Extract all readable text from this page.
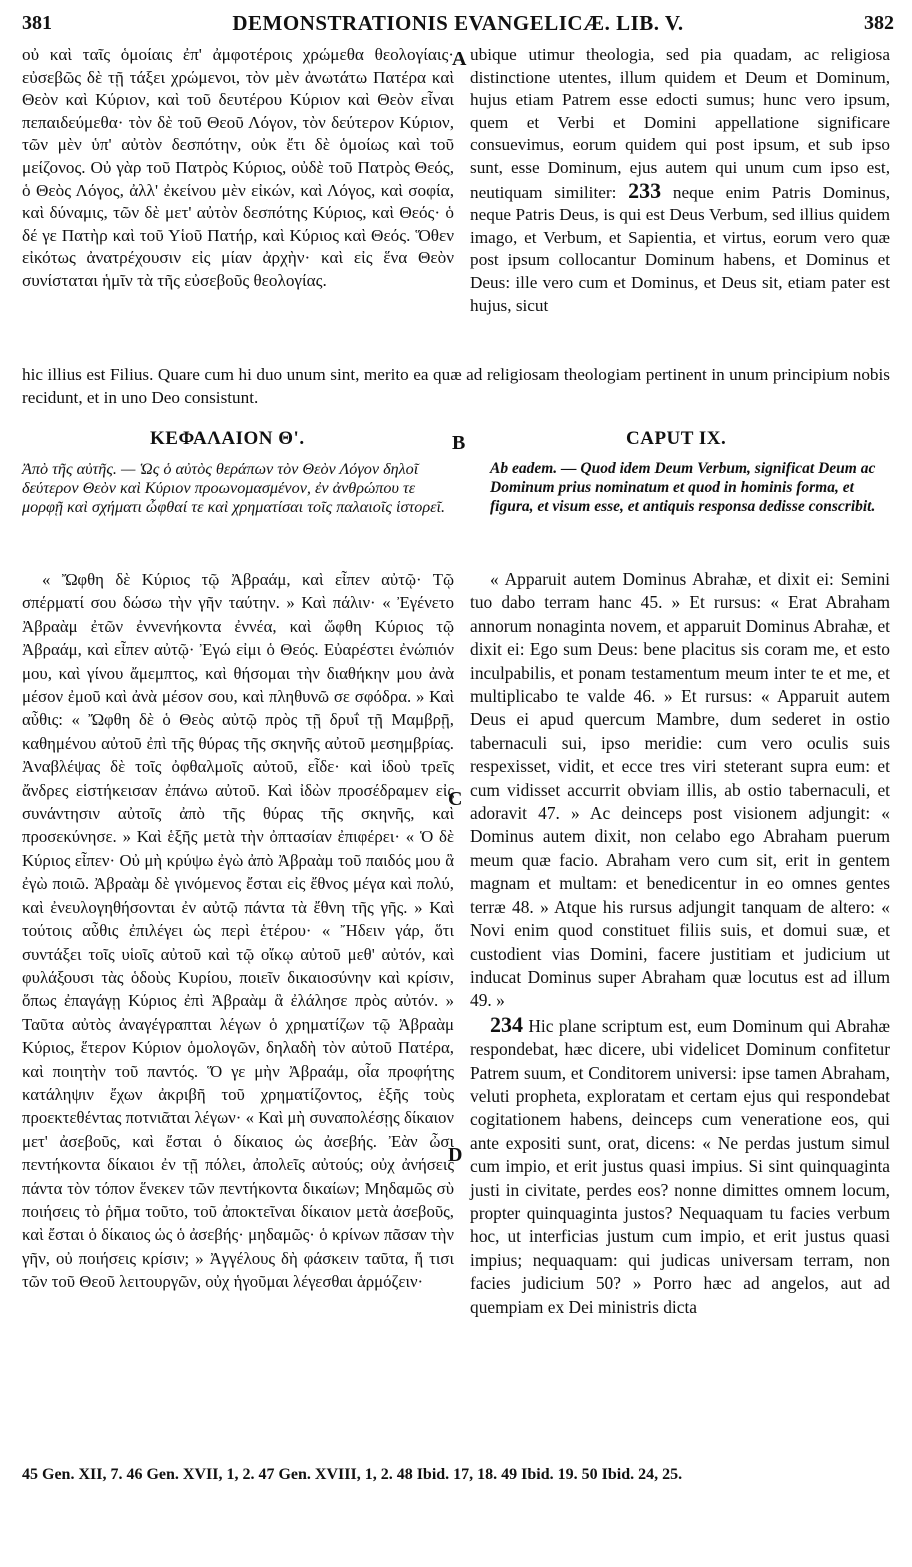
381	DEMONSTRATIONIS EVANGELICÆ. LIB. V.	382

οὐ καὶ ταῖς ὁμοίαις ἐπ' ἀμφοτέροις χρώμεθα θεολογίαις· εὐσεβῶς δὲ τῇ τάξει χρώμενοι, τὸν μὲν ἀνωτάτω Πατέρα καὶ Θεὸν καὶ Κύριον, καὶ τοῦ δευτέρου Κύριον καὶ Θεὸν εἶναι πεπαιδεύμεθα· τὸν δὲ τοῦ Θεοῦ Λόγον, τὸν δεύτερον Κύριον, τῶν μὲν ὑπ' αὐτὸν δεσπότην, οὐκ ἔτι δὲ ὁμοίως καὶ τοῦ μείζονος. Οὐ γὰρ τοῦ Πατρὸς Κύριος, οὐδὲ τοῦ Πατρὸς Θεός, ὁ Θεὸς Λόγος, ἀλλ' ἐκείνου μὲν εἰκών, καὶ Λόγος, καὶ σοφία, καὶ δύναμις, τῶν δὲ μετ' αὐτὸν δεσπότης Κύριος, καὶ Θεός· ὁ δέ γε Πατὴρ καὶ τοῦ Υἱοῦ Πατήρ, καὶ Κύριος καὶ Θεός. Ὅθεν εἰκότως ἀνατρέχουσιν εἰς μίαν ἀρχὴν· καὶ εἰς ἕνα Θεὸν συνίσταται ἡμῖν τὰ τῆς εὐσεβοῦς θεολογίας.

A ubique utimur theologia, sed pia quadam, ac religiosa distinctione utentes, illum quidem et Deum et Dominum, hujus etiam Patrem esse edocti sumus; hunc vero ipsum, quem et Verbi et Domini appellatione significare consuevimus, eorum quidem qui post ipsum, et sub ipso sunt, esse Dominum, ejus autem qui unum cum ipso est, neutiquam similiter: 233 neque enim Patris Dominus, neque Patris Deus, is qui est Deus Verbum, sed illius quidem imago, et Verbum, et Sapientia, et virtus, eorum vero quæ post ipsum collocantur Dominum habens, et Dominus et Deus: ille vero cum et Dominus, et Deus sit, etiam pater est hujus, sicut

hic illius est Filius. Quare cum hi duo unum sint, merito ea quæ ad religiosam theologiam pertinent in unum principium nobis recidunt, et in uno Deo consistunt.
ΚΕΦΑΛΑΙΟΝ Θ'.	B	CAPUT IX.
Ἀπὸ τῆς αὐτῆς. — Ὡς ὁ αὐτὸς θεράπων τὸν Θεὸν Λόγον δηλοῖ δεύτερον Θεὸν καὶ Κύριον προωνομασμένον, ἐν ἀνθρώπου τε μορφῇ καὶ σχήματι ὦφθαί τε καὶ χρηματίσαι τοῖς παλαιοῖς ἱστορεῖ.
Ab eadem. — Quod idem Deum Verbum, significat Deum ac Dominum prius nominatum et quod in hominis forma, et figura, et visum esse, et antiquis responsa dedisse conscribit.

« Ὤφθη δὲ Κύριος τῷ Ἀβραάμ, καὶ εἶπεν αὐτῷ· Τῷ σπέρματί σου δώσω τὴν γῆν ταύτην. » Καὶ πάλιν· « Ἐγένετο Ἀβραὰμ ἐτῶν ἐννενήκοντα ἐννέα, καὶ ὤφθη Κύριος τῷ Ἀβραάμ, καὶ εἶπεν αὐτῷ· Ἐγώ εἰμι ὁ Θεός. Εὐαρέστει ἐνώπιόν μου, καὶ γίνου ἄμεμπτος, καὶ θήσομαι τὴν διαθήκην μου ἀνὰ μέσον ἐμοῦ καὶ ἀνὰ μέσον σου, καὶ πληθυνῶ σε σφόδρα. » Καὶ αὖθις: « Ὤφθη δὲ ὁ Θεὸς αὐτῷ πρὸς τῇ δρυΐ τῇ Μαμβρῇ, καθημένου αὐτοῦ ἐπὶ τῆς θύρας τῆς σκηνῆς αὐτοῦ μεσημβρίας. Ἀναβλέψας δὲ τοῖς ὀφθαλμοῖς αὐτοῦ, εἶδε· καὶ ἰδοὺ τρεῖς ἄνδρες εἱστήκεισαν ἐπάνω αὐτοῦ. Καὶ ἰδὼν προσέδραμεν εἰς συνάντησιν αὐτοῖς ἀπὸ τῆς θύρας τῆς σκηνῆς, καὶ προσεκύνησε. » Καὶ ἑξῆς μετὰ τὴν ὀπτασίαν ἐπιφέρει· « Ὁ δὲ Κύριος εἶπεν· Οὐ μὴ κρύψω ἐγὼ ἀπὸ Ἀβραὰμ τοῦ παιδός μου ἃ ἐγὼ ποιῶ. Ἀβραὰμ δὲ γινόμενος ἔσται εἰς ἔθνος μέγα καὶ πολύ, καὶ ἐνευλογηθήσονται ἐν αὐτῷ πάντα τὰ ἔθνη τῆς γῆς. » Καὶ τούτοις αὖθις ἐπιλέγει ὡς περὶ ἑτέρου· « Ἤδειν γάρ, ὅτι συντάξει τοῖς υἱοῖς αὐτοῦ καὶ τῷ οἴκῳ αὐτοῦ μεθ' αὐτόν, καὶ φυλάξουσι τὰς ὁδοὺς Κυρίου, ποιεῖν δικαιοσύνην καὶ κρίσιν, ὅπως ἐπαγάγῃ Κύριος ἐπὶ Ἀβραὰμ ἃ ἐλάλησε πρὸς αὐτόν. » Ταῦτα αὐτὸς ἀναγέγραπται λέγων ὁ χρηματίζων τῷ Ἀβραὰμ Κύριος, ἕτερον Κύριον ὁμολογῶν, δηλαδὴ τὸν αὐτοῦ Πατέρα, καὶ ποιητὴν τοῦ παντός. Ὅ γε μὴν Ἀβραάμ, οἷα προφήτης κατάληψιν ἔχων ἀκριβῆ τοῦ χρηματίζοντος, ἑξῆς τοὺς προεκτεθέντας ποτνιᾶται λέγων· « Καὶ μὴ συναπολέσῃς δίκαιον μετ' ἀσεβοῦς, καὶ ἔσται ὁ δίκαιος ὡς ἀσεβής. Ἐὰν ὦσι πεντήκοντα δίκαιοι ἐν τῇ πόλει, ἀπολεῖς αὐτούς; οὐχ ἀνήσεις πάντα τὸν τόπον ἕνεκεν τῶν πεντήκοντα δικαίων; Μηδαμῶς σὺ ποιήσεις τὸ ῥῆμα τοῦτο, τοῦ ἀποκτεῖναι δίκαιον μετὰ ἀσεβοῦς, καὶ ἔσται ὁ δίκαιος ὡς ὁ ἀσεβής· μηδαμῶς· ὁ κρίνων πᾶσαν τὴν γῆν, οὐ ποιήσεις κρίσιν; » Ἀγγέλους δὴ φάσκειν ταῦτα, ἤ τισι τῶν τοῦ Θεοῦ λειτουργῶν, οὐχ ἡγοῦμαι λέγεσθαι ἁρμόζειν·

C
D

« Apparuit autem Dominus Abrahæ, et dixit ei: Semini tuo dabo terram hanc 45. » Et rursus: « Erat Abraham annorum nonaginta novem, et apparuit Dominus Abrahæ, et dixit ei: Ego sum Deus: bene placitus sis coram me, et esto inculpabilis, et ponam testamentum meum inter te et me, et multiplicabo te valde 46. » Et rursus: « Apparuit autem Deus ei apud quercum Mambre, dum sederet in ostio tabernaculi sui, ipso meridie: cum vero oculis suis respexisset, vidit, et ecce tres viri steterant supra eum: et cum vidisset accurrit obviam illis, ab ostio tabernaculi, et adoravit 47. » Ac deinceps post visionem adjungit: « Dominus autem dixit, non celabo ego Abraham puerum meum quæ facio. Abraham vero cum sit, erit in gentem magnam et multam: et benedicentur in eo omnes gentes terræ 48. » Atque his rursus adjungit tanquam de altero: « Novi enim quod constituet filiis suis, et domui suæ, et custodient vias Domini, facere justitiam et judicium ut inducat Dominus super Abraham quæ locutus est ad illum 49. »

234 Hic plane scriptum est, eum Dominum qui Abrahæ respondebat, hæc dicere, ubi videlicet Dominum confitetur Patrem suum, et Conditorem universi: ipse tamen Abraham, veluti propheta, exploratam et certam ejus qui respondebat cogitationem habens, deinceps cum veneratione eos, qui ante expositi sunt, orat, dicens: « Ne perdas justum simul cum impio, et erit justus quasi impius. Si sint quinquaginta justi in civitate, perdes eos? nonne dimittes omnem locum, propter quinquaginta justos? Nequaquam tu facies verbum hoc, ut interficias justum cum impio, et erit justus quasi impius; nequaquam: qui judicas universam terram, non facies judicium 50? » Porro hæc ad angelos, aut ad quempiam ex Dei ministris dicta

45 Gen. XII, 7. 46 Gen. XVII, 1, 2. 47 Gen. XVIII, 1, 2. 48 Ibid. 17, 18. 49 Ibid. 19. 50 Ibid. 24, 25.
